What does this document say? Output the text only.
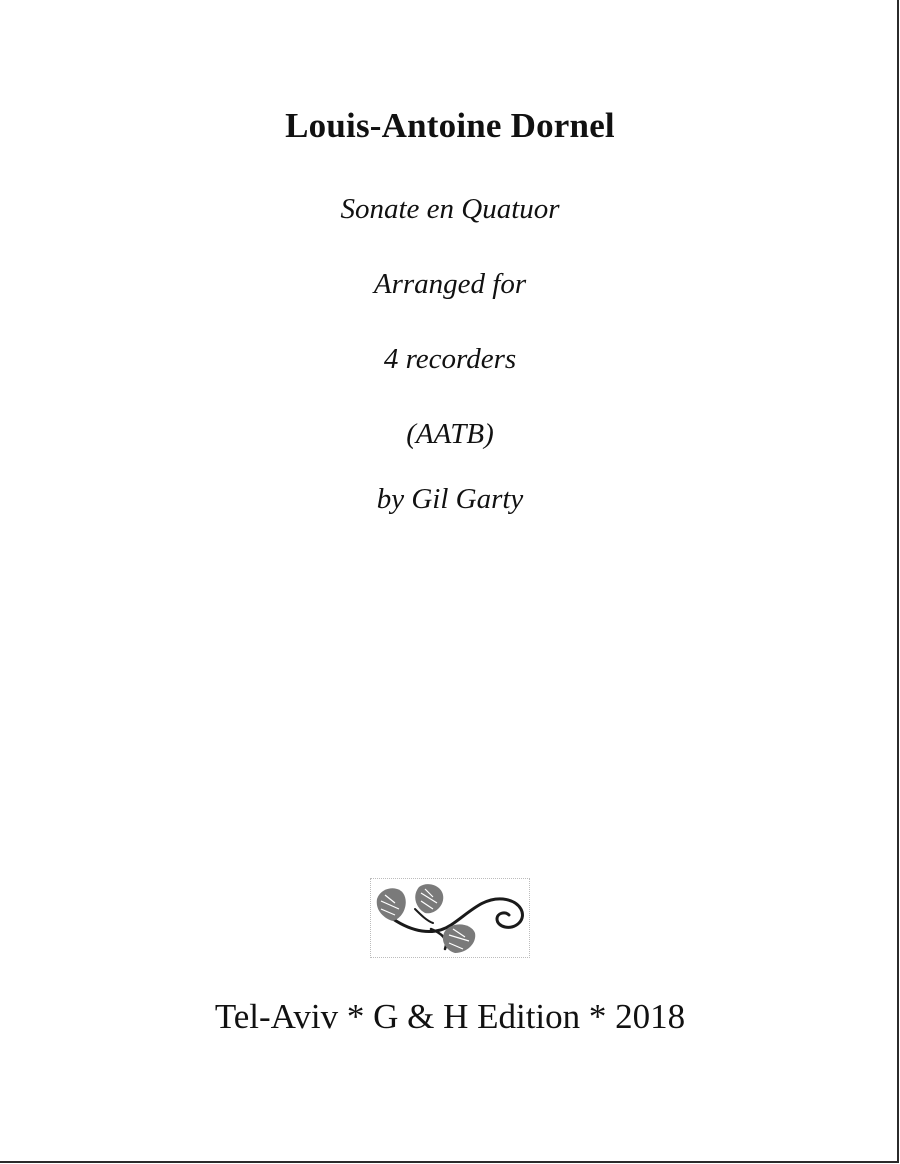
Louis-Antoine Dornel
Sonate en Quatuor
Arranged for
4 recorders
(AATB)
by Gil Garty
Tel-Aviv * G & H Edition * 2018
